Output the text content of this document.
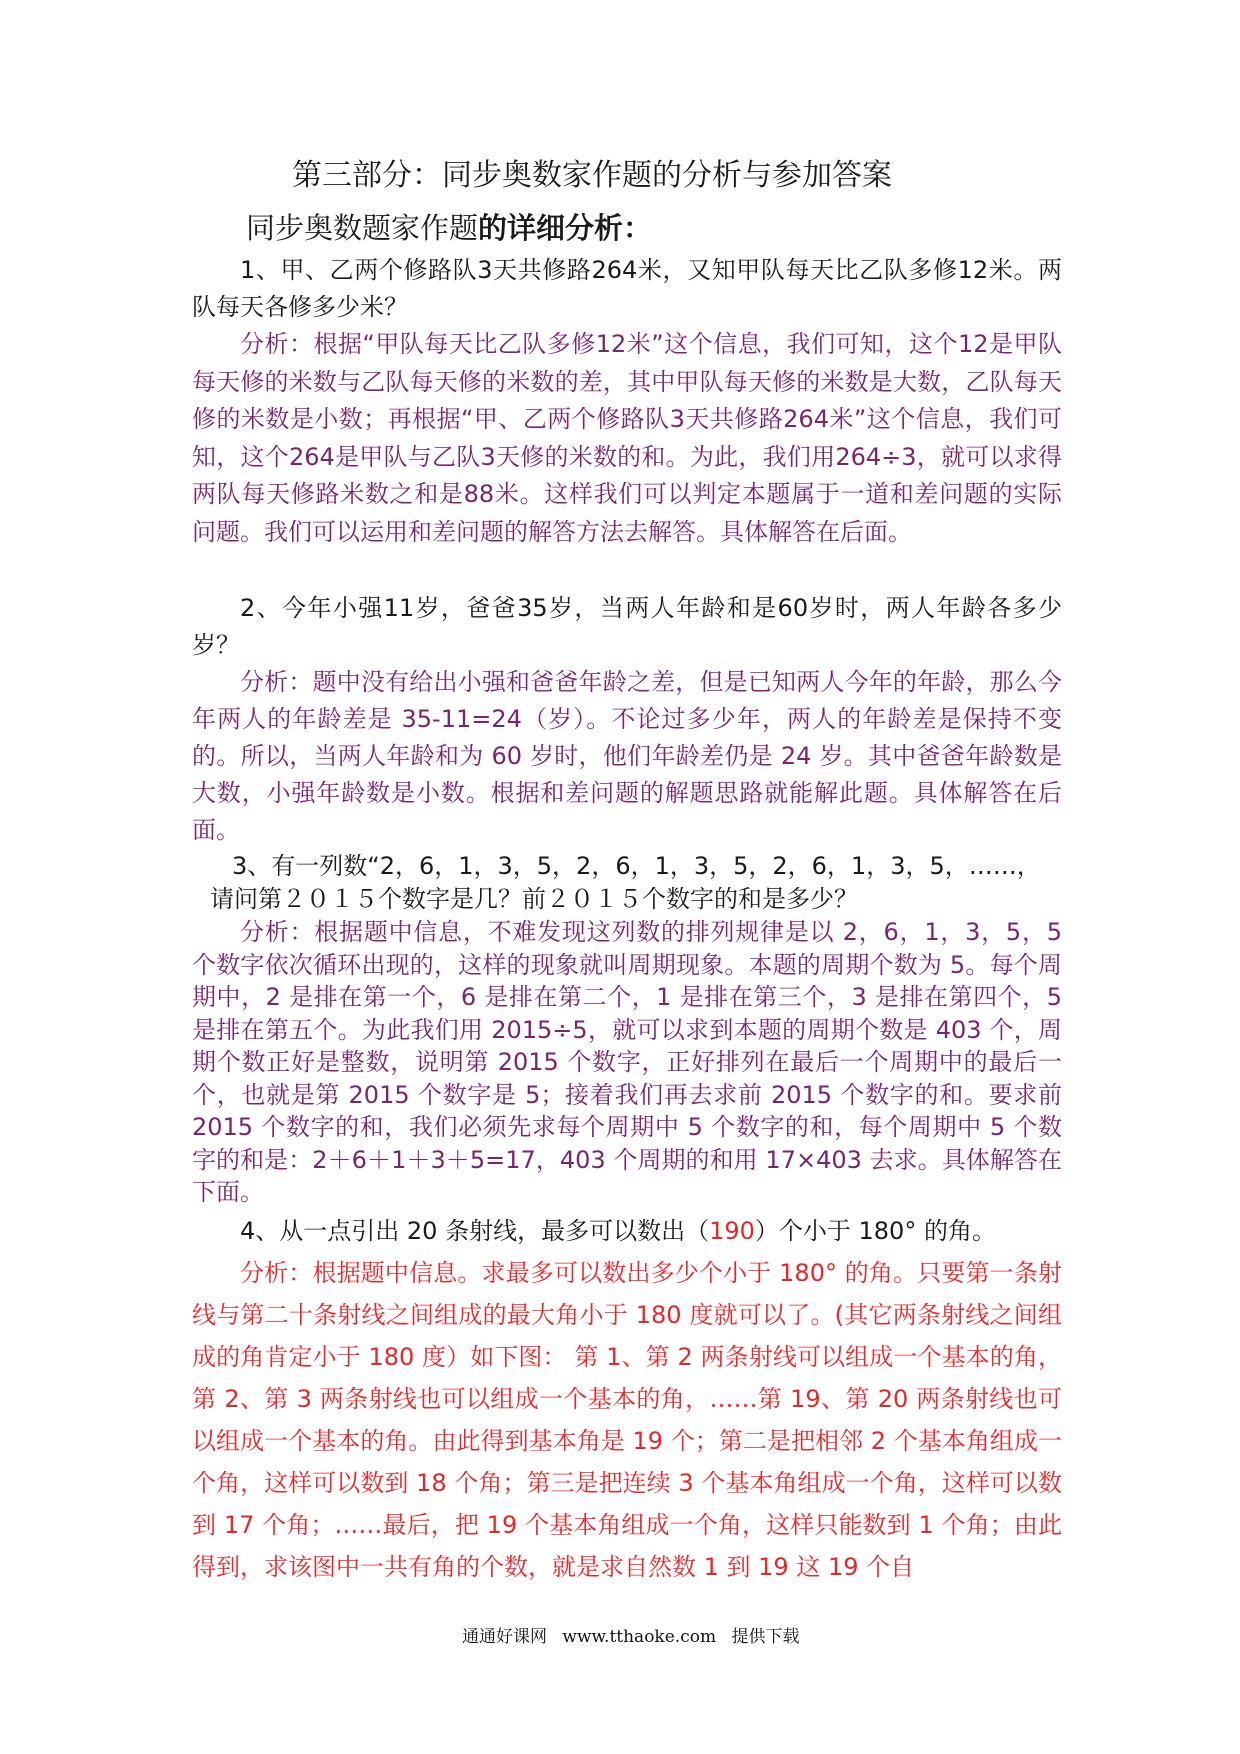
第三部分：同步奥数家作题的分析与参加答案
同步奥数题家作题的详细分析：

1、甲、乙两个修路队3天共修路264米，又知甲队每天比乙队多修12米。两队每天各修多少米？

分析：根据“甲队每天比乙队多修12米”这个信息，我们可知，这个12是甲队每天修的米数与乙队每天修的米数的差，其中甲队每天修的米数是大数，乙队每天修的米数是小数；再根据“甲、乙两个修路队3天共修路264米”这个信息，我们可知，这个264是甲队与乙队3天修的米数的和。为此，我们用264÷3，就可以求得两队每天修路米数之和是88米。这样我们可以判定本题属于一道和差问题的实际问题。我们可以运用和差问题的解答方法去解答。具体解答在后面。

2、今年小强11岁，爸爸35岁，当两人年龄和是60岁时，两人年龄各多少岁？

分析：题中没有给出小强和爸爸年龄之差，但是已知两人今年的年龄，那么今年两人的年龄差是 35-11=24（岁）。不论过多少年，两人的年龄差是保持不变的。所以，当两人年龄和为 60 岁时，他们年龄差仍是 24 岁。其中爸爸年龄数是大数，小强年龄数是小数。根据和差问题的解题思路就能解此题。具体解答在后面。

3、有一列数“2，6，1，3，5，2，6，1，3，5，2，6，1，3，5，……，

请问第２０１５个数字是几？前２０１５个数字的和是多少？

分析：根据题中信息，不难发现这列数的排列规律是以 2，6，1，3，5，5 个数字依次循环出现的，这样的现象就叫周期现象。本题的周期个数为 5。每个周期中，2 是排在第一个，6 是排在第二个，1 是排在第三个，3 是排在第四个，5 是排在第五个。为此我们用 2015÷5，就可以求到本题的周期个数是 403 个，周期个数正好是整数，说明第 2015 个数字，正好排列在最后一个周期中的最后一个，也就是第 2015 个数字是 5；接着我们再去求前 2015 个数字的和。要求前 2015 个数字的和，我们必须先求每个周期中 5 个数字的和，每个周期中 5 个数字的和是：2＋6＋1＋3＋5=17，403 个周期的和用 17×403 去求。具体解答在下面。

4、从一点引出 20 条射线，最多可以数出（190）个小于 180° 的角。

分析：根据题中信息。求最多可以数出多少个小于 180° 的角。只要第一条射线与第二十条射线之间组成的最大角小于 180 度就可以了。(其它两条射线之间组成的角肯定小于 180 度）如下图： 第 1、第 2 两条射线可以组成一个基本的角，第 2、第 3 两条射线也可以组成一个基本的角，……第 19、第 20 两条射线也可以组成一个基本的角。由此得到基本角是 19 个；第二是把相邻 2 个基本角组成一个角，这样可以数到 18 个角；第三是把连续 3 个基本角组成一个角，这样可以数到 17 个角；……最后，把 19 个基本角组成一个角，这样只能数到 1 个角；由此得到，求该图中一共有角的个数，就是求自然数 1 到 19 这 19 个自

通通好课网 www.tthaoke.com 提供下载
